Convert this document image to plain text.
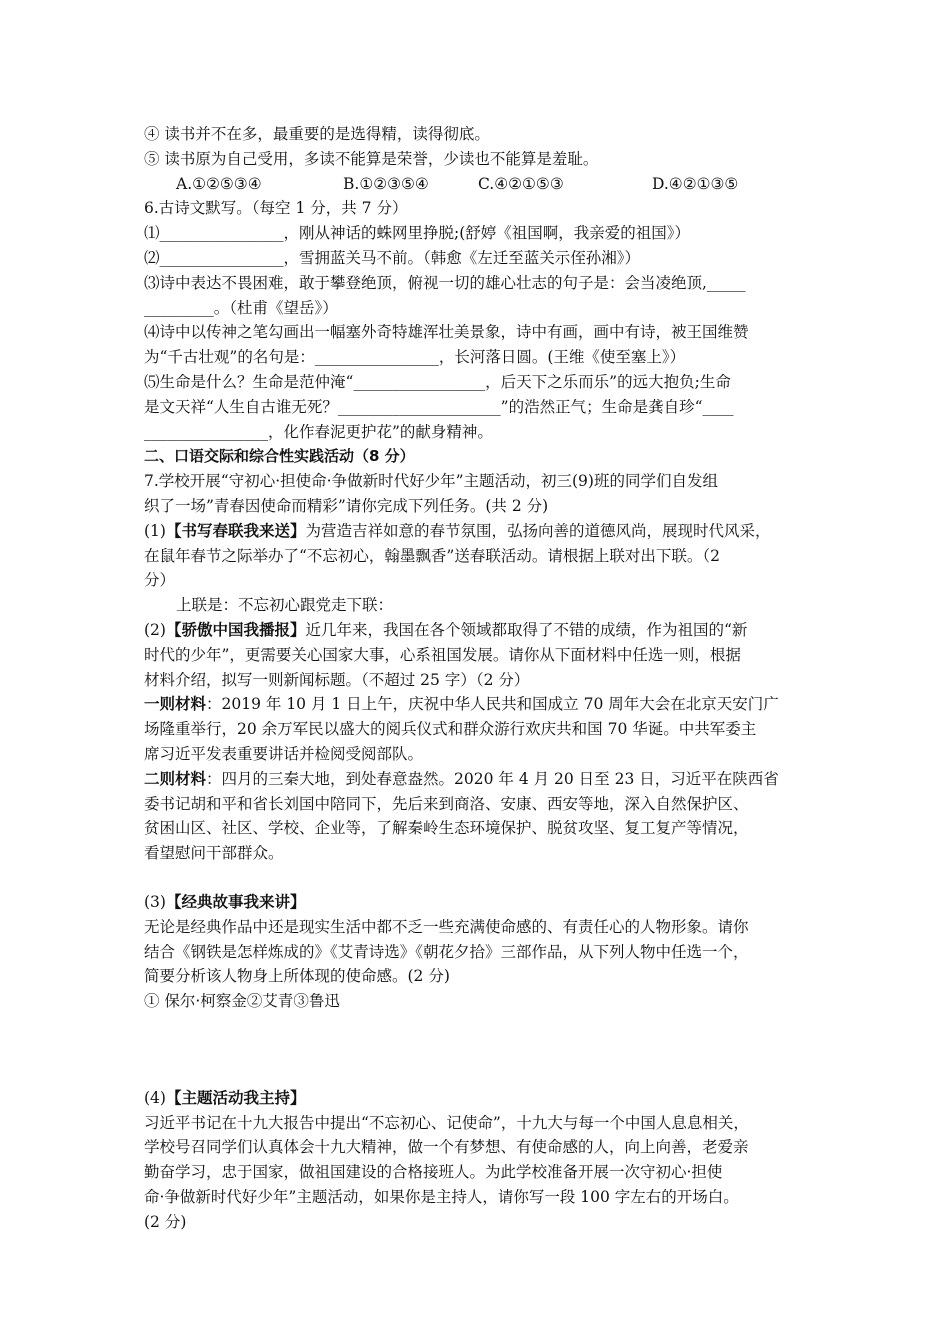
④ 读书并不在多，最重要的是选得精，读得彻底。
⑤ 读书原为自己受用，多读不能算是荣誉，少读也不能算是羞耻。
A.①②⑤③④	B.①②③⑤④	C.④②①⑤③	D.④②①③⑤
6.古诗文默写。（每空 1 分，共 7 分）
⑴________________，刚从神话的蛛网里挣脱;(舒婷《祖国啊，我亲爱的祖国》）
⑵________________，雪拥蓝关马不前。（韩愈《左迁至蓝关示侄孙湘》）
⑶诗中表达不畏困难，敢于攀登绝顶，俯视一切的雄心壮志的句子是：会当凌绝顶,_____
_________。（杜甫《望岳》）
⑷诗中以传神之笔勾画出一幅塞外奇特雄浑壮美景象，诗中有画，画中有诗，被王国维赞
为“千古壮观”的名句是：________________，长河落日圆。(王维《使至塞上》）
⑸生命是什么？生命是范仲淹“_________________，后天下之乐而乐”的远大抱负;生命
是文天祥“人生自古谁无死？_____________________”的浩然正气；生命是龚自珍“____
________________，化作春泥更护花”的献身精神。
二、口语交际和综合性实践活动（8 分）
7.学校开展“守初心·担使命·争做新时代好少年”主题活动，初三(9)班的同学们自发组
织了一场”青春因使命而精彩”请你完成下列任务。(共 2 分)
(1)【书写春联我来送】为营造吉祥如意的春节氛围，弘扬向善的道德风尚，展现时代风采，
在鼠年春节之际举办了“不忘初心，翰墨飘香”送春联活动。请根据上联对出下联。（2
分）
上联是：不忘初心跟党走下联：
(2)【骄傲中国我播报】近几年来，我国在各个领域都取得了不错的成绩，作为祖国的“新
时代的少年”，更需要关心国家大事，心系祖国发展。请你从下面材料中任选一则，根据
材料介绍，拟写一则新闻标题。（不超过 25 字）（2 分）
一则材料：2019 年 10 月 1 日上午，庆祝中华人民共和国成立 70 周年大会在北京天安门广
场隆重举行，20 余万军民以盛大的阅兵仪式和群众游行欢庆共和国 70 华诞。中共军委主
席习近平发表重要讲话并检阅受阅部队。
二则材料：四月的三秦大地，到处春意盎然。2020 年 4 月 20 日至 23 日，习近平在陕西省
委书记胡和平和省长刘国中陪同下，先后来到商洛、安康、西安等地，深入自然保护区、
贫困山区、社区、学校、企业等，了解秦岭生态环境保护、脱贫攻坚、复工复产等情况，
看望慰问干部群众。
(3)【经典故事我来讲】
无论是经典作品中还是现实生活中都不乏一些充满使命感的、有责任心的人物形象。请你
结合《钢铁是怎样炼成的》《艾青诗选》《朝花夕拾》三部作品，从下列人物中任选一个，
简要分析该人物身上所体现的使命感。(2 分)
① 保尔·柯察金②艾青③鲁迅
(4)【主题活动我主持】
习近平书记在十九大报告中提出“不忘初心、记使命”，十九大与每一个中国人息息相关，
学校号召同学们认真体会十九大精神，做一个有梦想、有使命感的人，向上向善，老爱亲
勤奋学习，忠于国家，做祖国建设的合格接班人。为此学校准备开展一次守初心·担使
命·争做新时代好少年”主题活动，如果你是主持人，请你写一段 100 字左右的开场白。
(2 分)
